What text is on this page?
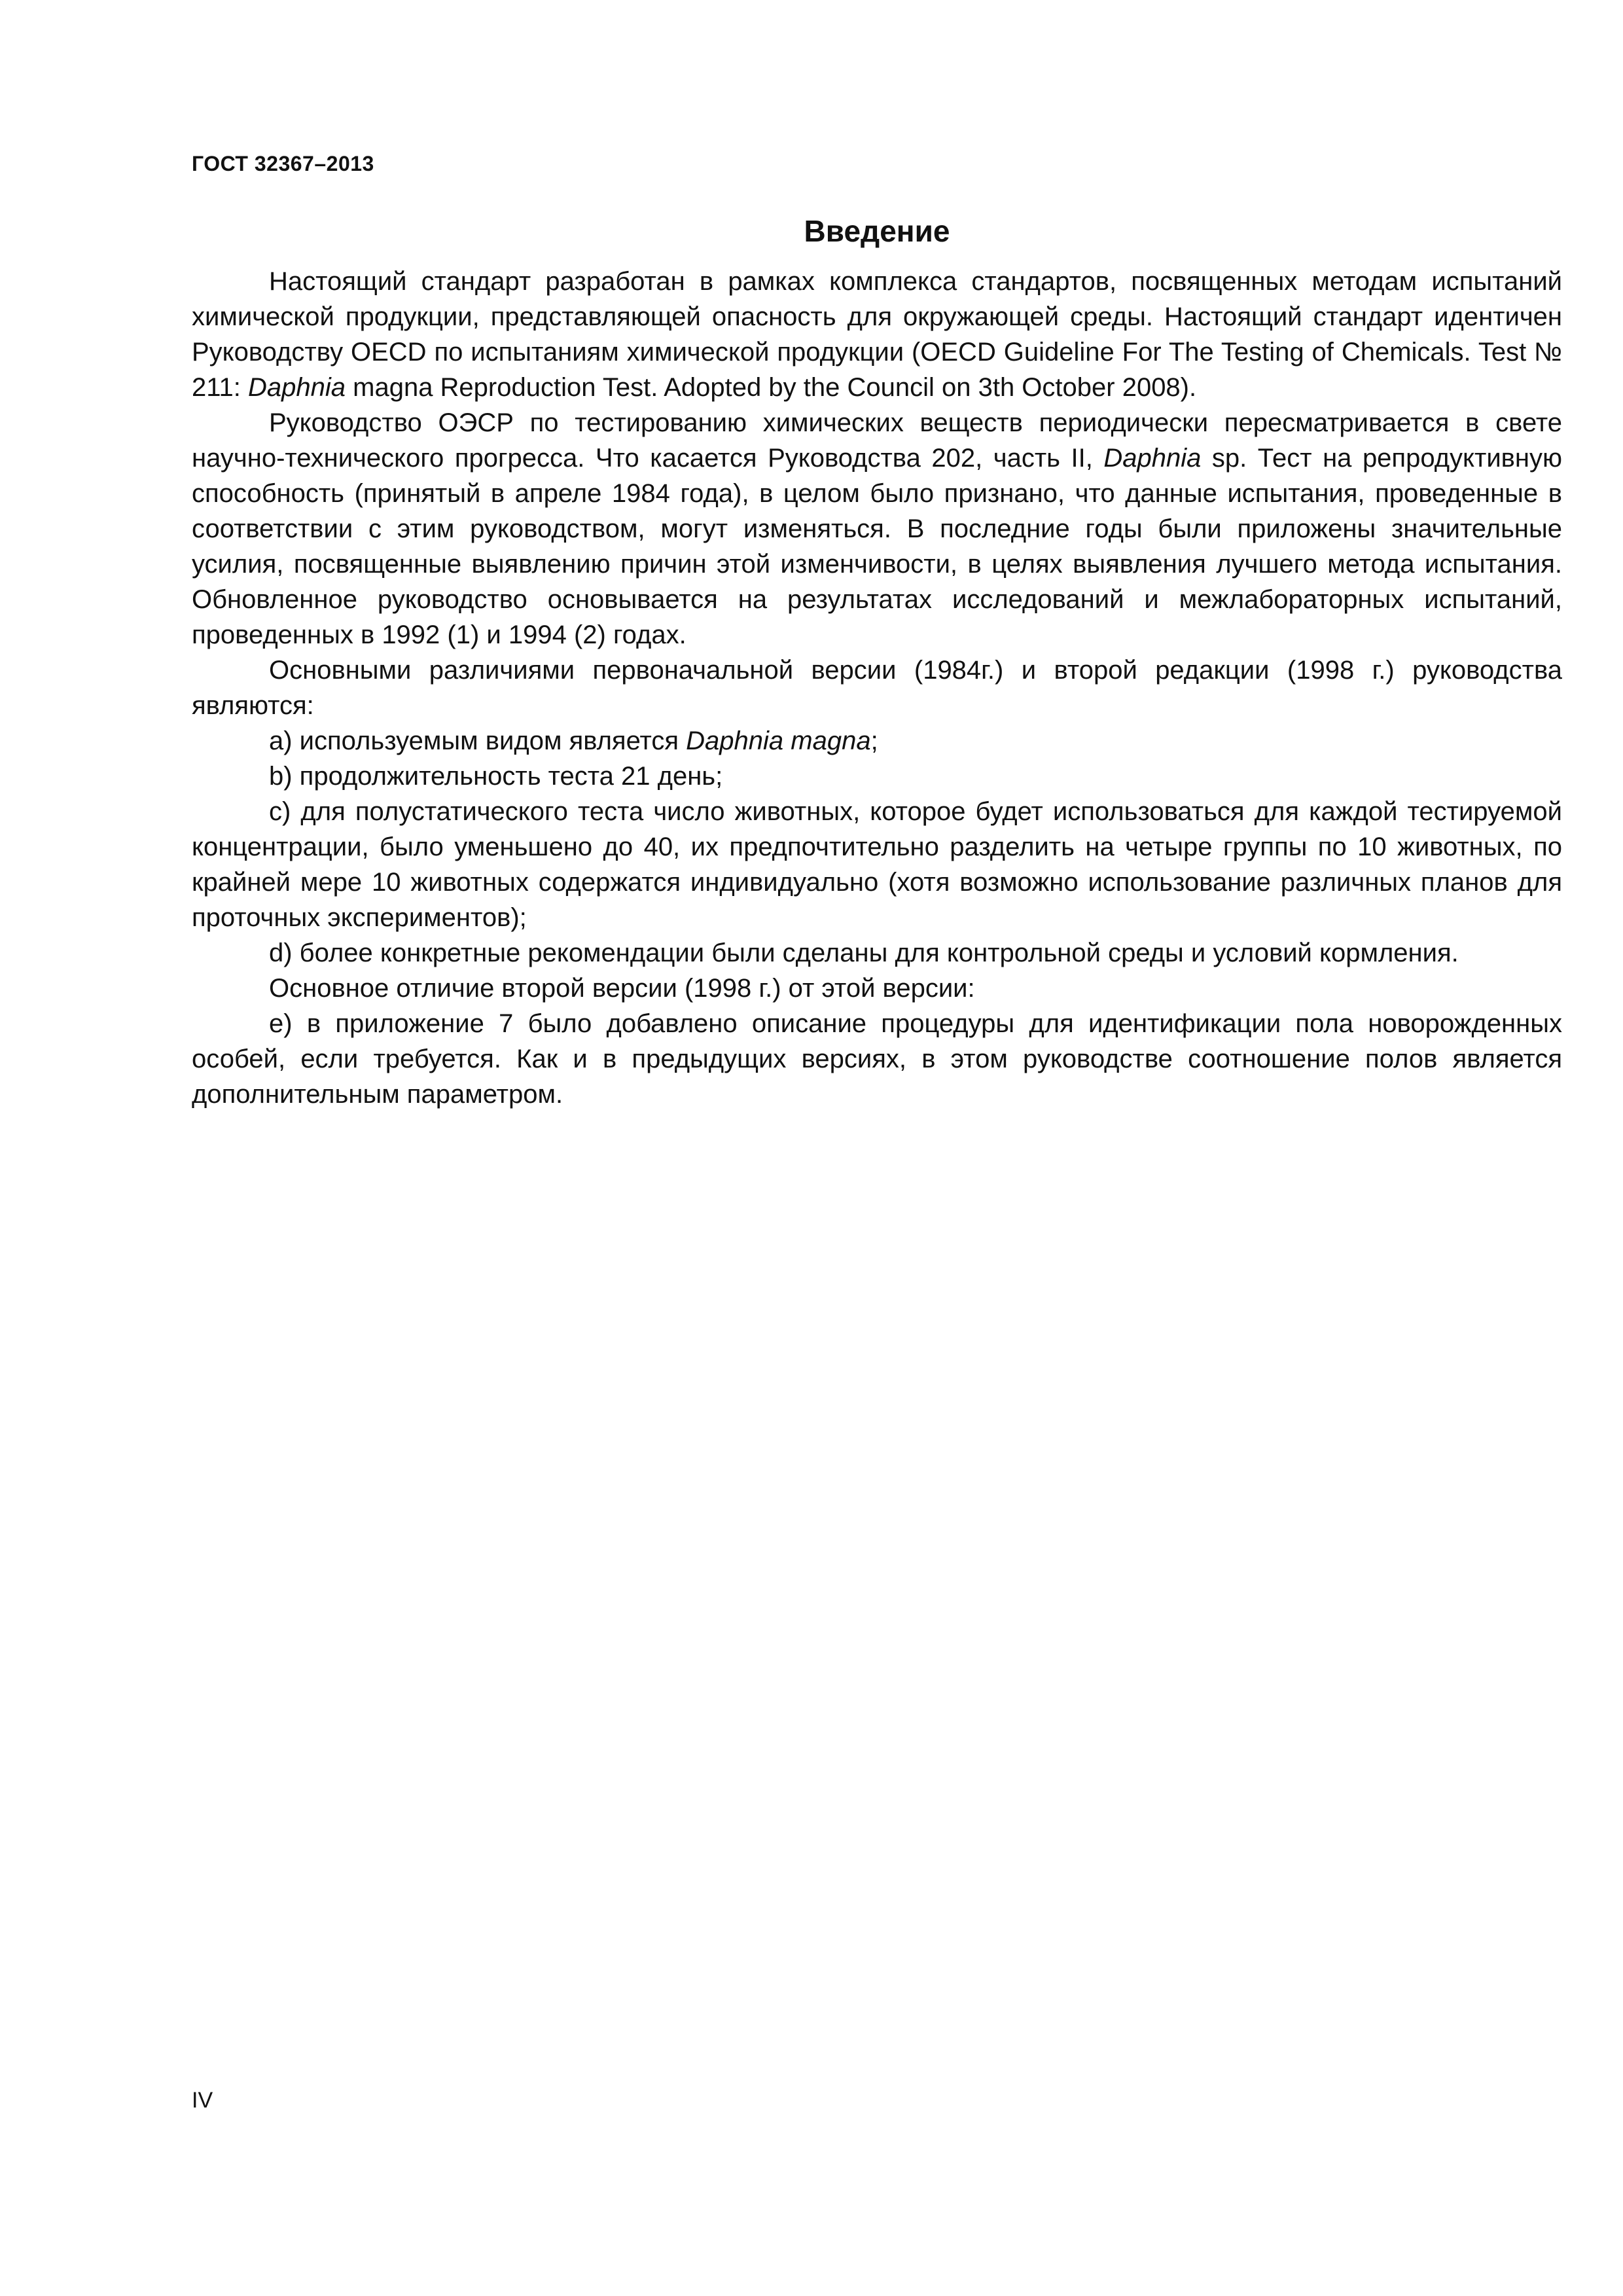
ГОСТ 32367–2013
Введение

Настоящий стандарт разработан в рамках комплекса стандартов, посвященных методам испытаний химической продукции, представляющей опасность для окружающей среды. Настоящий стандарт идентичен Руководству OECD по испытаниям химической продукции (OECD Guideline For The Testing of Chemicals. Test № 211: Daphnia magna Reproduction Test. Adopted by the Council on 3th October 2008).

Руководство ОЭСР по тестированию химических веществ периодически пересматривается в свете научно-технического прогресса. Что касается Руководства 202, часть II, Daphnia sp. Тест на репродуктивную способность (принятый в апреле 1984 года), в целом было признано, что данные испытания, проведенные в соответствии с этим руководством, могут изменяться. В последние годы были приложены значительные усилия, посвященные выявлению причин этой изменчивости, в целях выявления лучшего метода испытания. Обновленное руководство основывается на результатах исследований и межлабораторных испытаний, проведенных в 1992 (1) и 1994 (2) годах.

Основными различиями первоначальной версии (1984г.) и второй редакции (1998 г.) руководства являются:

a) используемым видом является Daphnia magna;

b) продолжительность теста 21 день;

c) для полустатического теста число животных, которое будет использоваться для каждой тестируемой концентрации, было уменьшено до 40, их предпочтительно разделить на четыре группы по 10 животных, по крайней мере 10 животных содержатся индивидуально (хотя возможно использование различных планов для проточных экспериментов);

d) более конкретные рекомендации были сделаны для контрольной среды и условий кормления.

Основное отличие второй версии (1998 г.) от этой версии:

e) в приложение 7 было добавлено описание процедуры для идентификации пола новорожденных особей, если требуется. Как и в предыдущих версиях, в этом руководстве соотношение полов является дополнительным параметром.

IV
